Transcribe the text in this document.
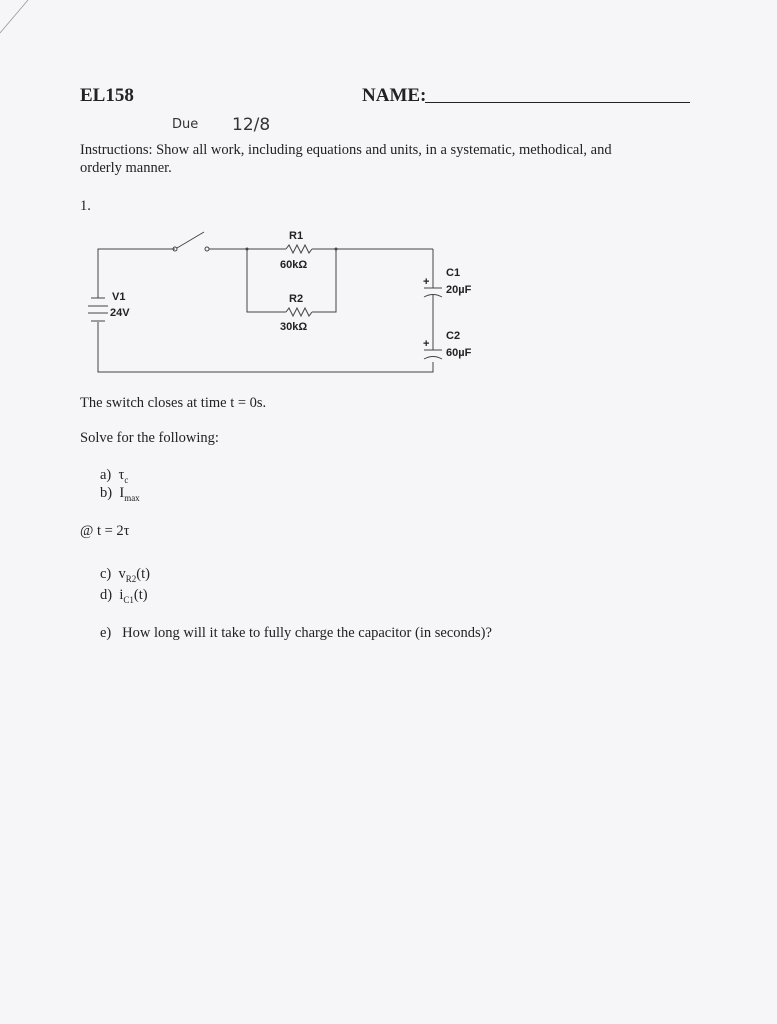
EL158	NAME:
Due 12/8
Instructions: Show all work, including equations and units, in a systematic, methodical, and
orderly manner.
1.
R1
60kΩ
R2
30kΩ
V1
24V
C1
20µF
+
C2
60µF
+
The switch closes at time t = 0s.
Solve for the following:
a) $\tau_c$
b) $I_{max}$
@ t = 2τ
c) $v_{R2}(t)$
d) $i_{C1}(t)$
e) How long will it take to fully charge the capacitor (in seconds)?
